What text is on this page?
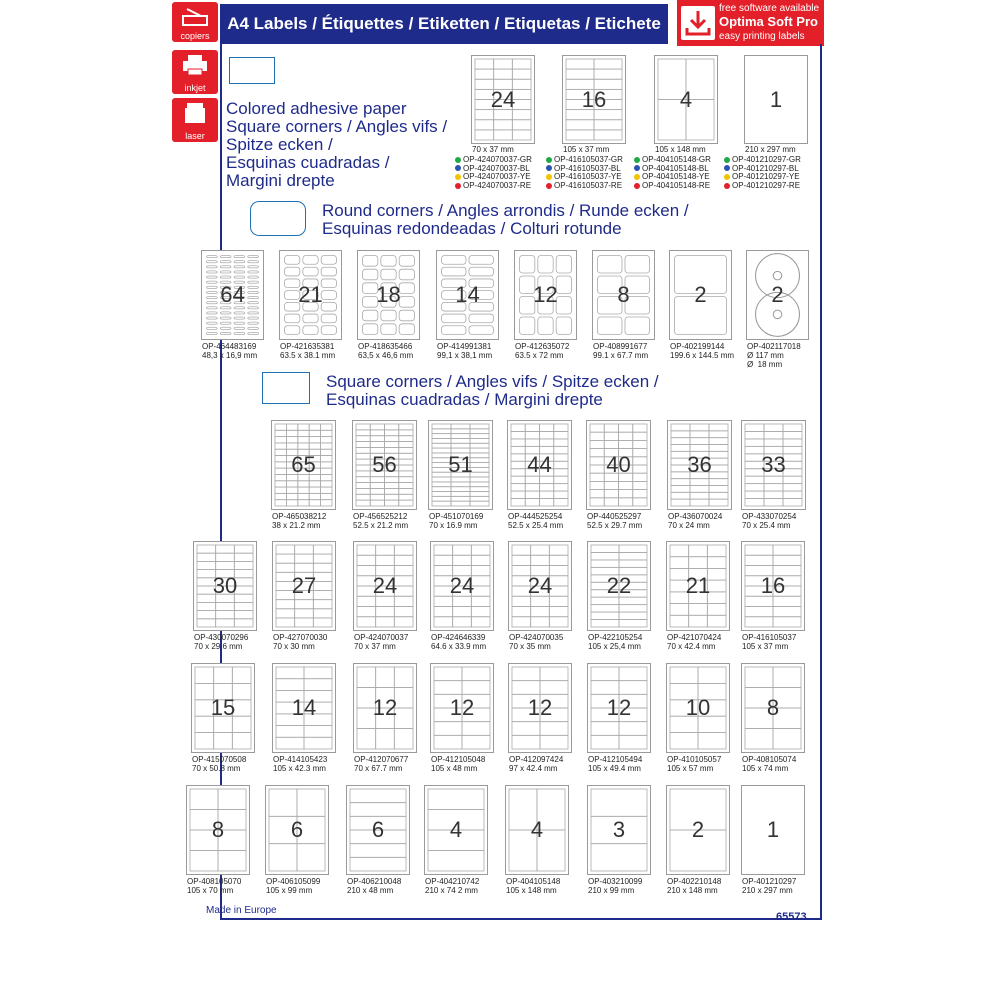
copiers
inkjet
laser
A4 Labels / Étiquettes / Etiketten / Etiquetas / Etichete
free software available
Optima Soft Pro
easy printing labels
Colored adhesive paper
Square corners / Angles vifs /
Spitze ecken /
Esquinas cuadradas /
Margini drepte
Round corners / Angles arrondis / Runde ecken /
Esquinas redondeadas / Colturi rotunde
Square corners / Angles vifs / Spitze ecken /
Esquinas cuadradas / Margini drepte
Made in Europe
65573
24
70 x 37 mm
OP-424070037-GR
OP-424070037-BL
OP-424070037-YE
OP-424070037-RE
16
105 x 37 mm
OP-416105037-GR
OP-416105037-BL
OP-416105037-YE
OP-416105037-RE
4
105 x 148 mm
OP-404105148-GR
OP-404105148-BL
OP-404105148-YE
OP-404105148-RE
1
210 x 297 mm
OP-401210297-GR
OP-401210297-BL
OP-401210297-YE
OP-401210297-RE
64
OP-464483169
48,3 x 16,9 mm
21
OP-421635381
63.5 x 38.1 mm
18
OP-418635466
63,5 x 46,6 mm
14
OP-414991381
99,1 x 38,1 mm
12
OP-412635072
63.5 x 72 mm
8
OP-408991677
99.1 x 67.7 mm
2
OP-402199144
199.6 x 144.5 mm
2
OP-402117018
Ø 117 mm
Ø  18 mm
65
OP-465038212
38 x 21.2 mm
56
OP-456525212
52.5 x 21.2 mm
51
OP-451070169
70 x 16.9 mm
44
OP-444525254
52.5 x 25.4 mm
40
OP-440525297
52.5 x 29.7 mm
36
OP-436070024
70 x 24 mm
33
OP-433070254
70 x 25.4 mm
30
OP-430070296
70 x 29.6 mm
27
OP-427070030
70 x 30 mm
24
OP-424070037
70 x 37 mm
24
OP-424646339
64.6 x 33.9 mm
24
OP-424070035
70 x 35 mm
22
OP-422105254
105 x 25,4 mm
21
OP-421070424
70 x 42.4 mm
16
OP-416105037
105 x 37 mm
15
OP-415070508
70 x 50.8 mm
14
OP-414105423
105 x 42.3 mm
12
OP-412070677
70 x 67.7 mm
12
OP-412105048
105 x 48 mm
12
OP-412097424
97 x 42.4 mm
12
OP-412105494
105 x 49.4 mm
10
OP-410105057
105 x 57 mm
8
OP-408105074
105 x 74 mm
8
OP-408105070
105 x 70 mm
6
OP-406105099
105 x 99 mm
6
OP-406210048
210 x 48 mm
4
OP-404210742
210 x 74 2 mm
4
OP-404105148
105 x 148 mm
3
OP-403210099
210 x 99 mm
2
OP-402210148
210 x 148 mm
1
OP-401210297
210 x 297 mm
